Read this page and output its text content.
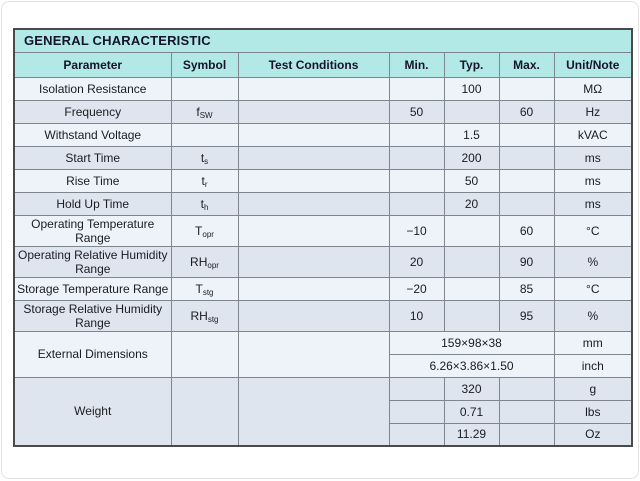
GENERAL CHARACTERISTIC						
Parameter	Symbol	Test Conditions	Min.	Typ.	Max.	Unit/Note
Isolation Resistance				100		MΩ
Frequency	$f_{SW}$		50		60	Hz
Withstand Voltage				1.5		kVAC
Start Time	$t_s$			200		ms
Rise Time	$t_r$			50		ms
Hold Up Time	$t_h$			20		ms
Operating Temperature Range	$T_{opr}$		−10		60	°C
Operating Relative Humidity Range	$RH_{opr}$		20		90	%
Storage Temperature Range	$T_{stg}$		−20		85	°C
Storage Relative Humidity Range	$RH_{stg}$		10		95	%
External Dimensions			159×98×38			mm
			6.26×3.86×1.50			inch
Weight				320		g
				0.71		lbs
				11.29		Oz
